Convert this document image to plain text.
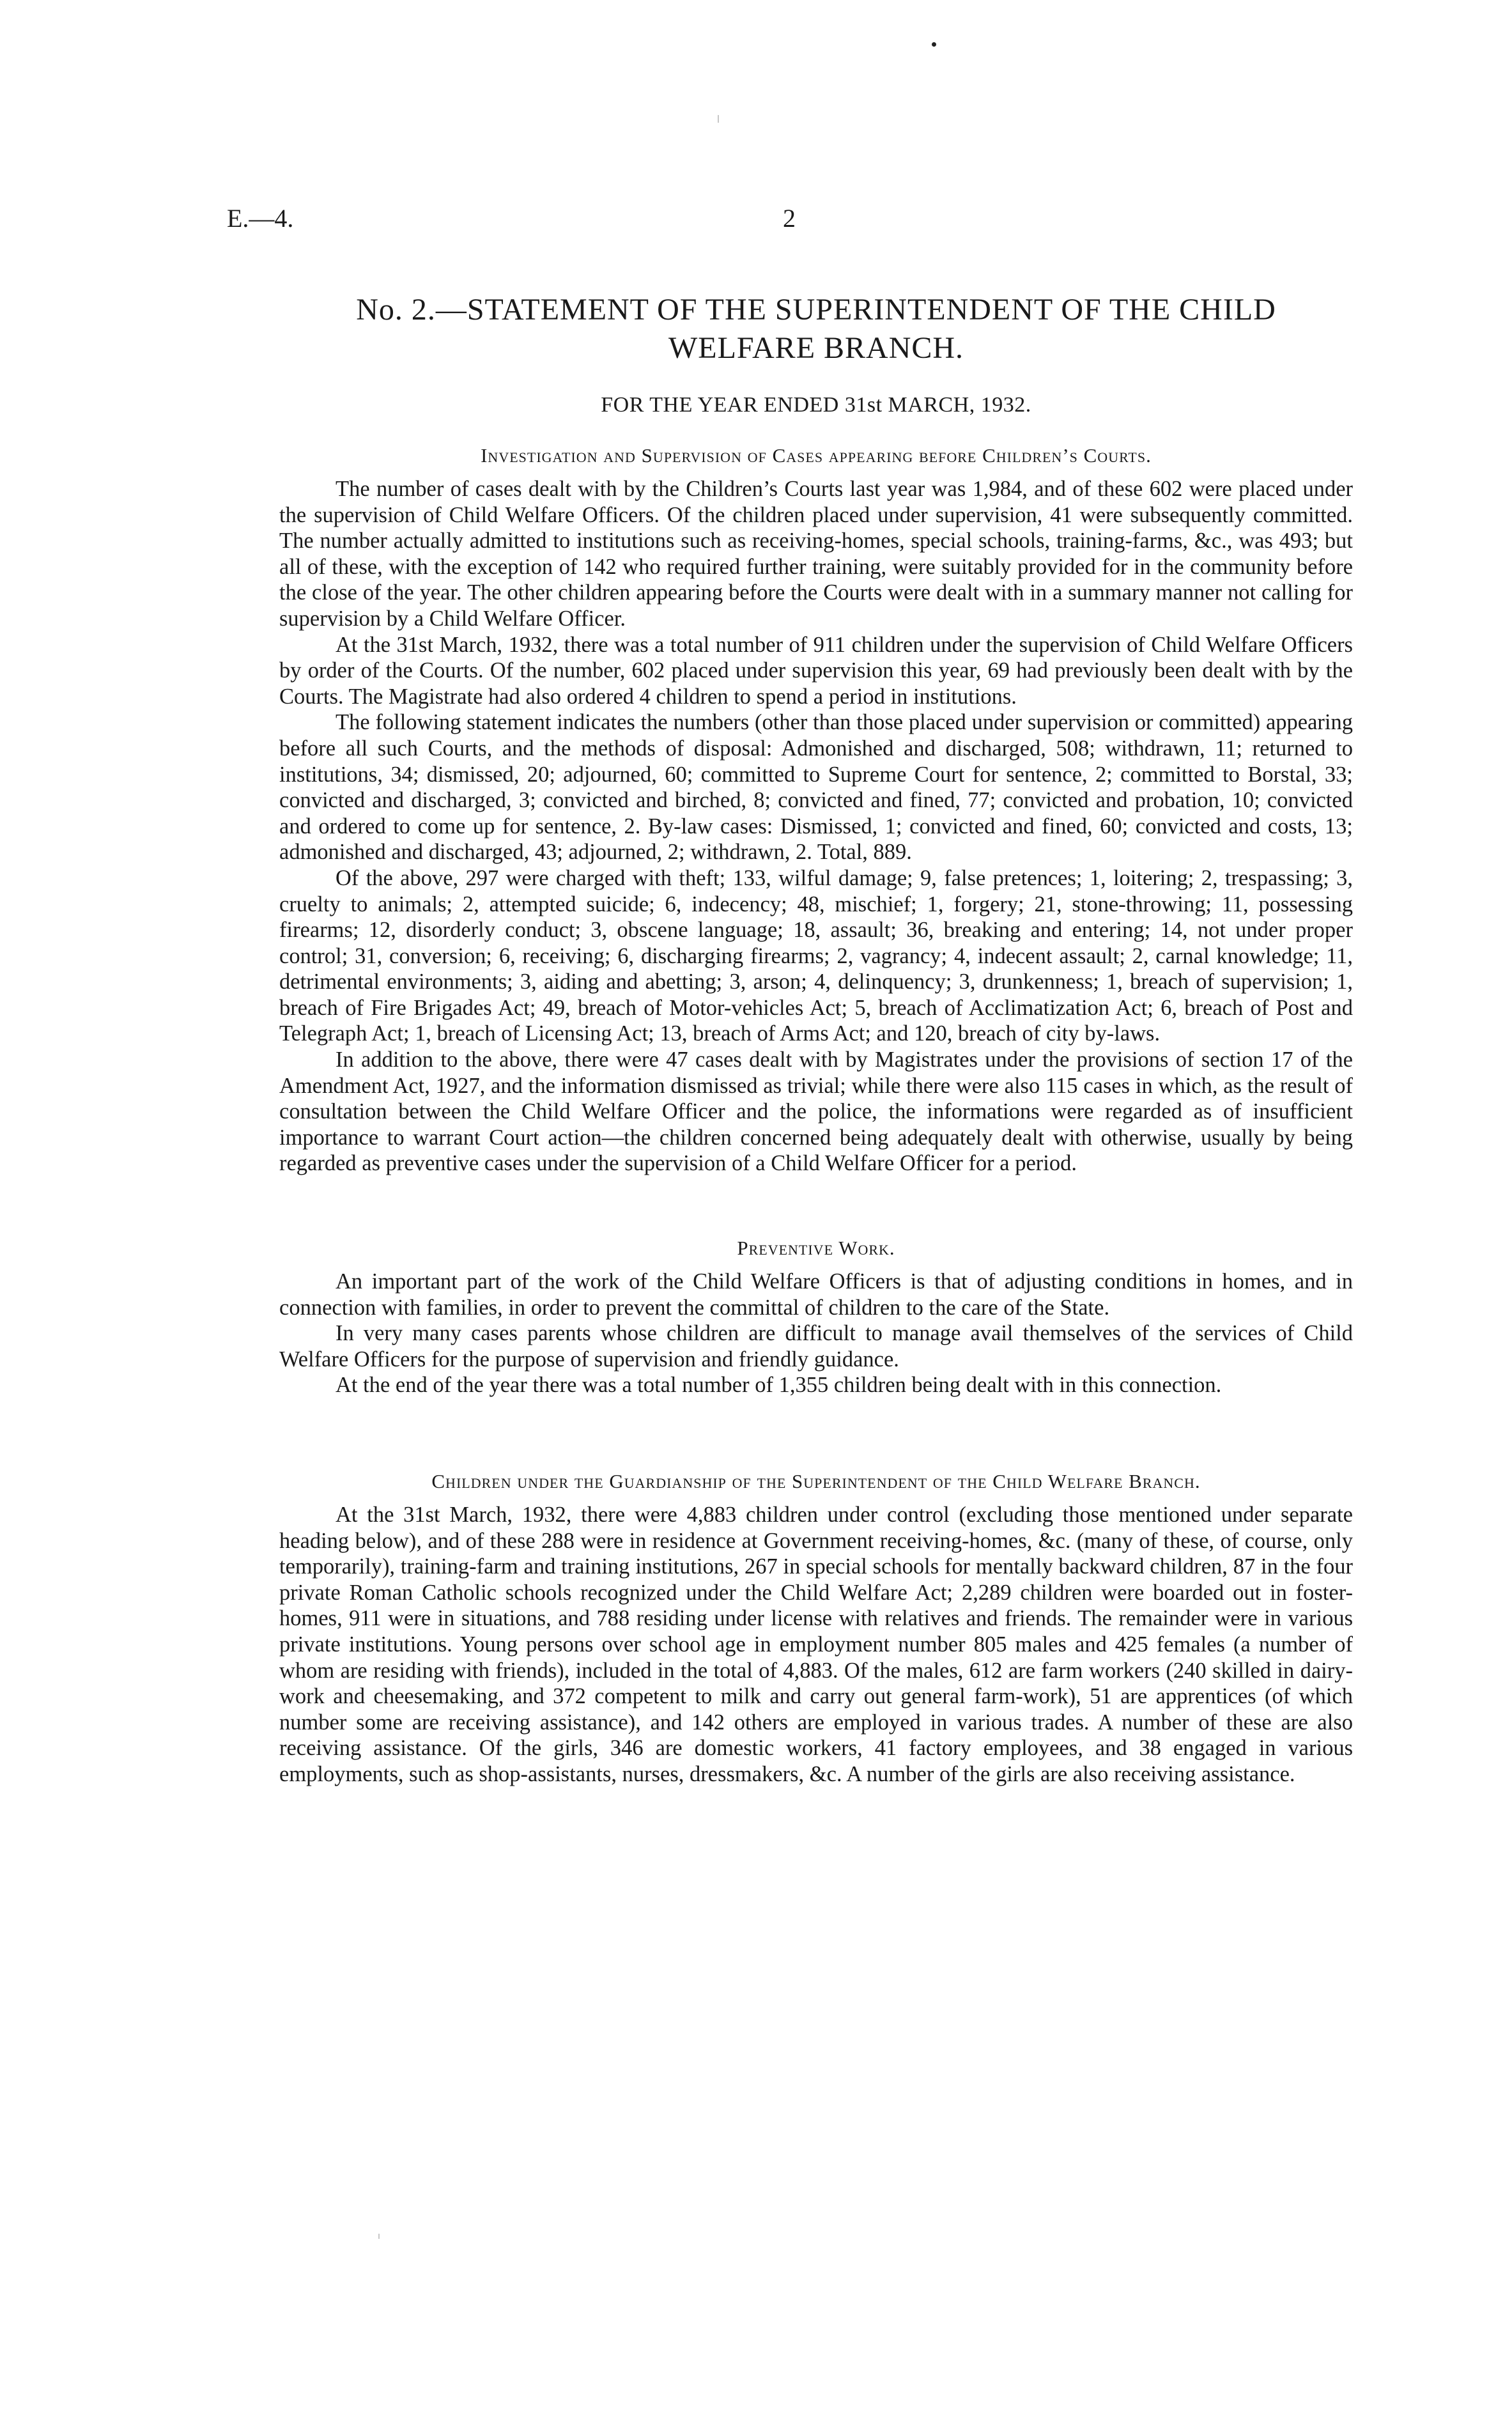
E.—4.	2
No. 2.—STATEMENT OF THE SUPERINTENDENT OF THE CHILD WELFARE BRANCH.
FOR THE YEAR ENDED 31st MARCH, 1932.
Investigation and Supervision of Cases appearing before Children’s Courts.

The number of cases dealt with by the Children’s Courts last year was 1,984, and of these 602 were placed under the supervision of Child Welfare Officers. Of the children placed under supervision, 41 were subsequently committed. The number actually admitted to institutions such as receiving-homes, special schools, training-farms, &c., was 493; but all of these, with the exception of 142 who required further training, were suitably provided for in the community before the close of the year. The other children appearing before the Courts were dealt with in a summary manner not calling for supervision by a Child Welfare Officer.

At the 31st March, 1932, there was a total number of 911 children under the supervision of Child Welfare Officers by order of the Courts. Of the number, 602 placed under supervision this year, 69 had previously been dealt with by the Courts. The Magistrate had also ordered 4 children to spend a period in institutions.

The following statement indicates the numbers (other than those placed under supervision or committed) appearing before all such Courts, and the methods of disposal: Admonished and discharged, 508; withdrawn, 11; returned to institutions, 34; dismissed, 20; adjourned, 60; committed to Supreme Court for sentence, 2; committed to Borstal, 33; convicted and discharged, 3; convicted and birched, 8; convicted and fined, 77; convicted and probation, 10; convicted and ordered to come up for sentence, 2. By-law cases: Dismissed, 1; convicted and fined, 60; convicted and costs, 13; admonished and discharged, 43; adjourned, 2; withdrawn, 2. Total, 889.

Of the above, 297 were charged with theft; 133, wilful damage; 9, false pretences; 1, loitering; 2, trespassing; 3, cruelty to animals; 2, attempted suicide; 6, indecency; 48, mischief; 1, forgery; 21, stone-throwing; 11, possessing firearms; 12, disorderly conduct; 3, obscene language; 18, assault; 36, breaking and entering; 14, not under proper control; 31, conversion; 6, receiving; 6, discharging firearms; 2, vagrancy; 4, indecent assault; 2, carnal knowledge; 11, detrimental environments; 3, aiding and abetting; 3, arson; 4, delinquency; 3, drunkenness; 1, breach of supervision; 1, breach of Fire Brigades Act; 49, breach of Motor-vehicles Act; 5, breach of Acclimatization Act; 6, breach of Post and Telegraph Act; 1, breach of Licensing Act; 13, breach of Arms Act; and 120, breach of city by-laws.

In addition to the above, there were 47 cases dealt with by Magistrates under the provisions of section 17 of the Amendment Act, 1927, and the information dismissed as trivial; while there were also 115 cases in which, as the result of consultation between the Child Welfare Officer and the police, the informations were regarded as of insufficient importance to warrant Court action—the children concerned being adequately dealt with otherwise, usually by being regarded as preventive cases under the supervision of a Child Welfare Officer for a period.

Preventive Work.

An important part of the work of the Child Welfare Officers is that of adjusting conditions in homes, and in connection with families, in order to prevent the committal of children to the care of the State.

In very many cases parents whose children are difficult to manage avail themselves of the services of Child Welfare Officers for the purpose of supervision and friendly guidance.

At the end of the year there was a total number of 1,355 children being dealt with in this connection.

Children under the Guardianship of the Superintendent of the Child Welfare Branch.

At the 31st March, 1932, there were 4,883 children under control (excluding those mentioned under separate heading below), and of these 288 were in residence at Government receiving-homes, &c. (many of these, of course, only temporarily), training-farm and training institutions, 267 in special schools for mentally backward children, 87 in the four private Roman Catholic schools recognized under the Child Welfare Act; 2,289 children were boarded out in foster-homes, 911 were in situations, and 788 residing under license with relatives and friends. The remainder were in various private institutions. Young persons over school age in employment number 805 males and 425 females (a number of whom are residing with friends), included in the total of 4,883. Of the males, 612 are farm workers (240 skilled in dairy-work and cheesemaking, and 372 competent to milk and carry out general farm-work), 51 are apprentices (of which number some are receiving assistance), and 142 others are employed in various trades. A number of these are also receiving assistance. Of the girls, 346 are domestic workers, 41 factory employees, and 38 engaged in various employments, such as shop-assistants, nurses, dressmakers, &c. A number of the girls are also receiving assistance.
